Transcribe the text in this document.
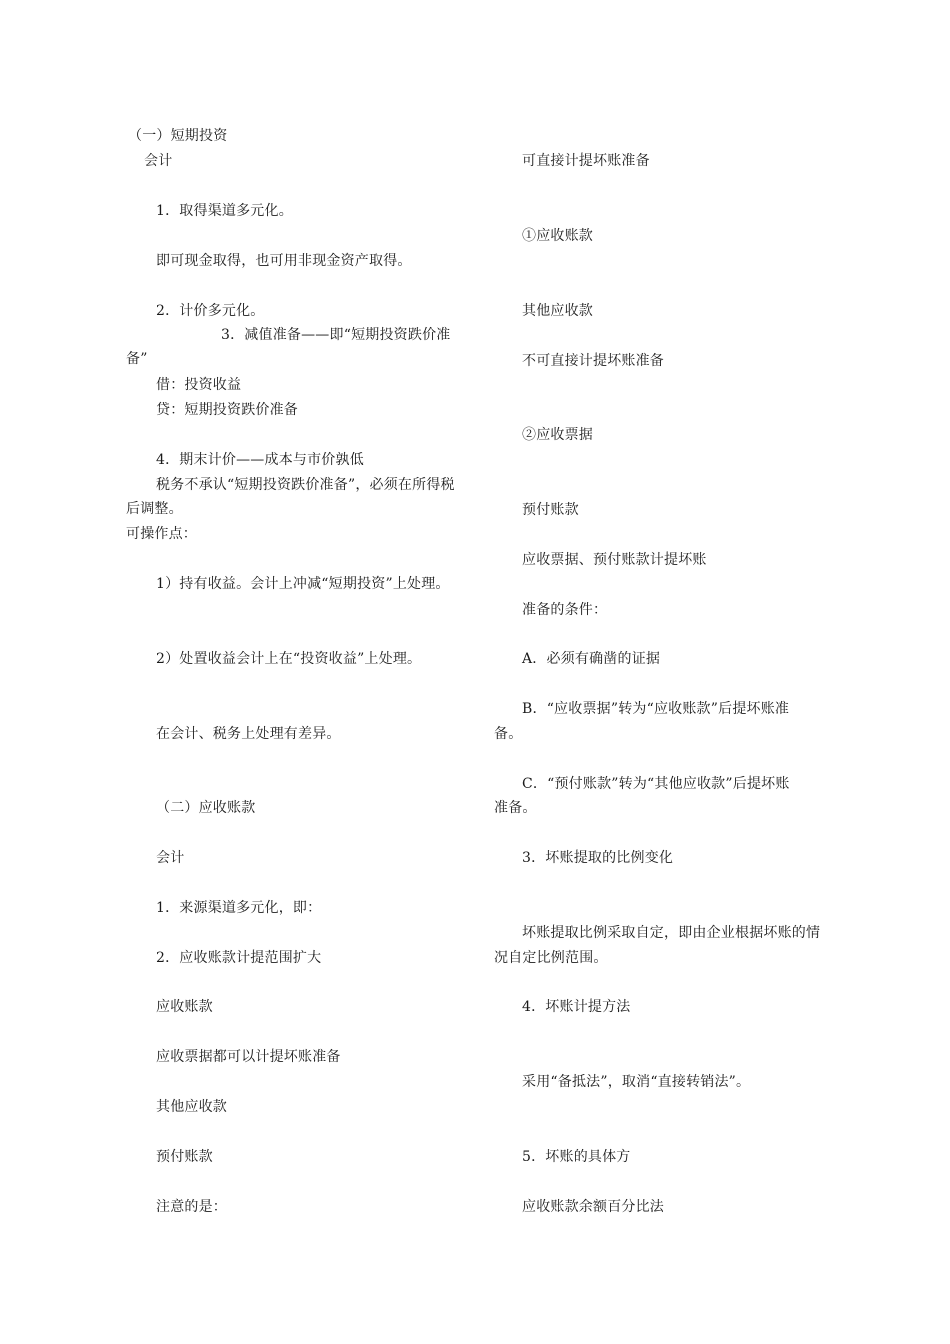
（一）短期投资
会计
1．取得渠道多元化。
即可现金取得，也可用非现金资产取得。
2．计价多元化。
3．减值准备——即“短期投资跌价准
备”
借：投资收益
贷：短期投资跌价准备
4．期末计价——成本与市价孰低
税务不承认“短期投资跌价准备”，必须在所得税
后调整。
可操作点：
1）持有收益。会计上冲减“短期投资”上处理。
2）处置收益会计上在“投资收益”上处理。
在会计、税务上处理有差异。
（二）应收账款
会计
1．来源渠道多元化，即：
2．应收账款计提范围扩大
应收账款
应收票据都可以计提坏账准备
其他应收款
预付账款
注意的是：
可直接计提坏账准备
①应收账款
其他应收款
不可直接计提坏账准备
②应收票据
预付账款
应收票据、预付账款计提坏账
准备的条件：
A．必须有确凿的证据
B．“应收票据”转为“应收账款”后提坏账准
备。
C．“预付账款”转为“其他应收款”后提坏账
准备。
3．坏账提取的比例变化
坏账提取比例采取自定，即由企业根据坏账的情
况自定比例范围。
4．坏账计提方法
采用“备抵法”，取消“直接转销法”。
5．坏账的具体方
应收账款余额百分比法
